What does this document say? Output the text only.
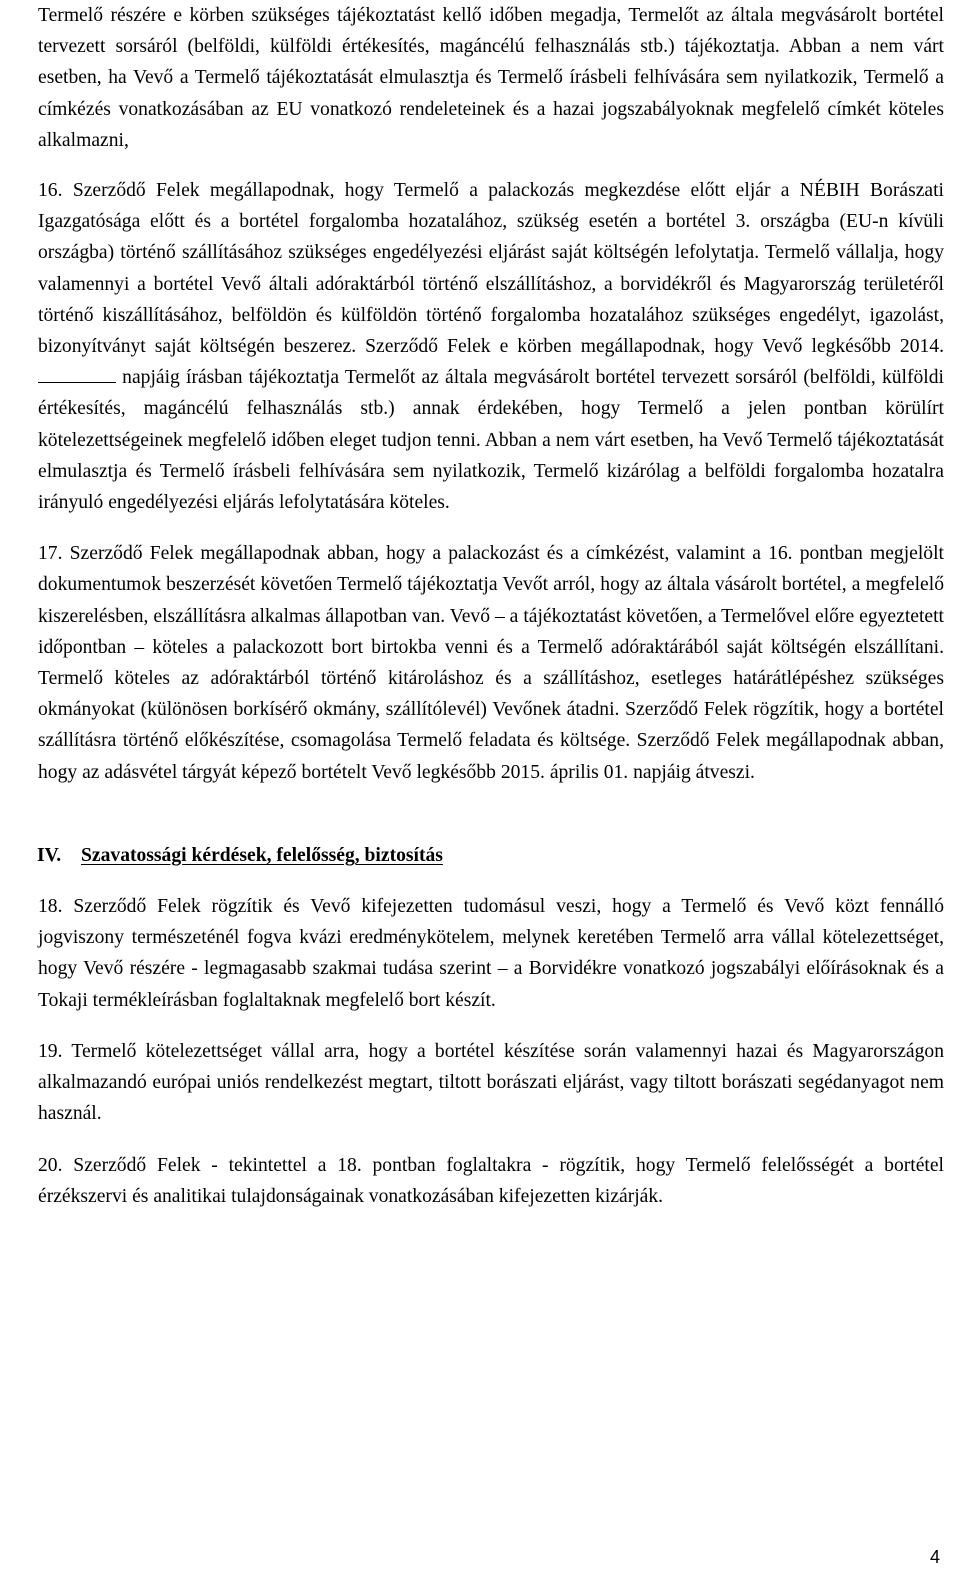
Termelő részére e körben szükséges tájékoztatást kellő időben megadja, Termelőt az általa megvásárolt bortétel tervezett sorsáról (belföldi, külföldi értékesítés, magáncélú felhasználás stb.) tájékoztatja. Abban a nem várt esetben, ha Vevő a Termelő tájékoztatását elmulasztja és Termelő írásbeli felhívására sem nyilatkozik, Termelő a címkézés vonatkozásában az EU vonatkozó rendeleteinek és a hazai jogszabályoknak megfelelő címkét köteles alkalmazni,

16. Szerződő Felek megállapodnak, hogy Termelő a palackozás megkezdése előtt eljár a NÉBIH Borászati Igazgatósága előtt és a bortétel forgalomba hozatalához, szükség esetén a bortétel 3. országba (EU-n kívüli országba) történő szállításához szükséges engedélyezési eljárást saját költségén lefolytatja. Termelő vállalja, hogy valamennyi a bortétel Vevő általi adóraktárból történő elszállításhoz, a borvidékről és Magyarország területéről történő kiszállításához, belföldön és külföldön történő forgalomba hozatalához szükséges engedélyt, igazolást, bizonyítványt saját költségén beszerez. Szerződő Felek e körben megállapodnak, hogy Vevő legkésőbb 2014. napjáig írásban tájékoztatja Termelőt az általa megvásárolt bortétel tervezett sorsáról (belföldi, külföldi értékesítés, magáncélú felhasználás stb.) annak érdekében, hogy Termelő a jelen pontban körülírt kötelezettségeinek megfelelő időben eleget tudjon tenni. Abban a nem várt esetben, ha Vevő Termelő tájékoztatását elmulasztja és Termelő írásbeli felhívására sem nyilatkozik, Termelő kizárólag a belföldi forgalomba hozatalra irányuló engedélyezési eljárás lefolytatására köteles.

17. Szerződő Felek megállapodnak abban, hogy a palackozást és a címkézést, valamint a 16. pontban megjelölt dokumentumok beszerzését követően Termelő tájékoztatja Vevőt arról, hogy az általa vásárolt bortétel, a megfelelő kiszerelésben, elszállításra alkalmas állapotban van. Vevő – a tájékoztatást követően, a Termelővel előre egyeztetett időpontban – köteles a palackozott bort birtokba venni és a Termelő adóraktárából saját költségén elszállítani. Termelő köteles az adóraktárból történő kitároláshoz és a szállításhoz, esetleges határátlépéshez szükséges okmányokat (különösen borkísérő okmány, szállítólevél) Vevőnek átadni. Szerződő Felek rögzítik, hogy a bortétel szállításra történő előkészítése, csomagolása Termelő feladata és költsége. Szerződő Felek megállapodnak abban, hogy az adásvétel tárgyát képező bortételt Vevő legkésőbb 2015. április 01. napjáig átveszi.

IV. Szavatossági kérdések, felelősség, biztosítás

18. Szerződő Felek rögzítik és Vevő kifejezetten tudomásul veszi, hogy a Termelő és Vevő közt fennálló jogviszony természeténél fogva kvázi eredménykötelem, melynek keretében Termelő arra vállal kötelezettséget, hogy Vevő részére - legmagasabb szakmai tudása szerint – a Borvidékre vonatkozó jogszabályi előírásoknak és a Tokaji termékleírásban foglaltaknak megfelelő bort készít.

19. Termelő kötelezettséget vállal arra, hogy a bortétel készítése során valamennyi hazai és Magyarországon alkalmazandó európai uniós rendelkezést megtart, tiltott borászati eljárást, vagy tiltott borászati segédanyagot nem használ.

20. Szerződő Felek - tekintettel a 18. pontban foglaltakra - rögzítik, hogy Termelő felelősségét a bortétel érzékszervi és analitikai tulajdonságainak vonatkozásában kifejezetten kizárják.

4
